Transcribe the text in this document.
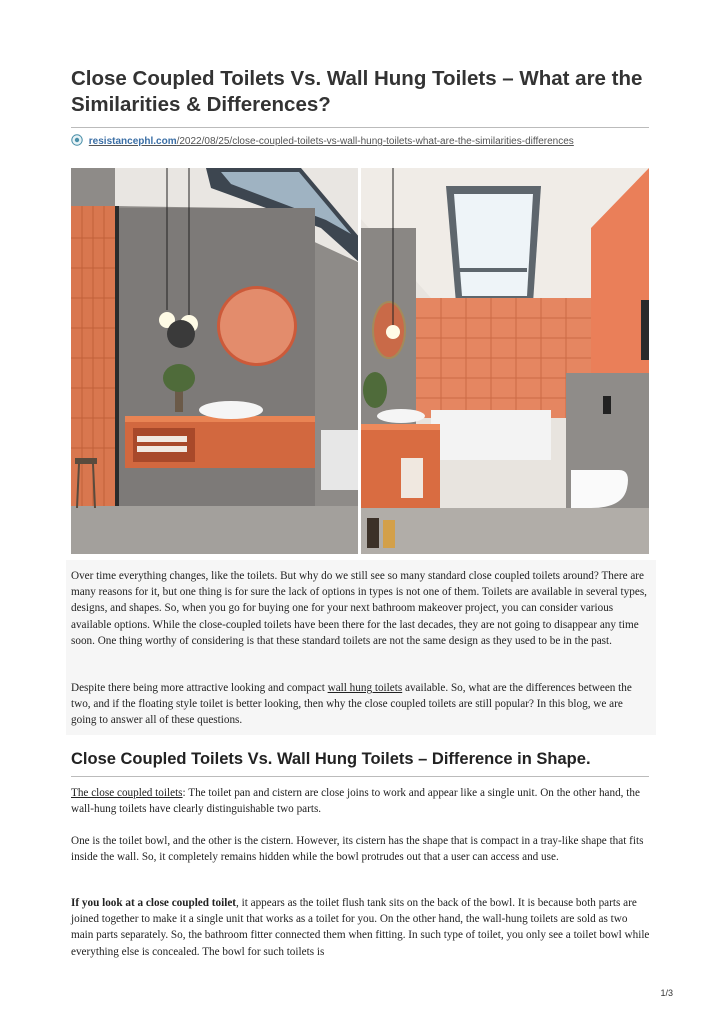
Close Coupled Toilets Vs. Wall Hung Toilets – What are the Similarities & Differences?
resistancephl.com/2022/08/25/close-coupled-toilets-vs-wall-hung-toilets-what-are-the-similarities-differences

Over time everything changes, like the toilets. But why do we still see so many standard close coupled toilets around? There are many reasons for it, but one thing is for sure the lack of options in types is not one of them. Toilets are available in several types, designs, and shapes. So, when you go for buying one for your next bathroom makeover project, you can consider various available options. While the close-coupled toilets have been there for the last decades, they are not going to disappear any time soon. One thing worthy of considering is that these standard toilets are not the same design as they used to be in the past.

Despite there being more attractive looking and compact wall hung toilets available. So, what are the differences between the two, and if the floating style toilet is better looking, then why the close coupled toilets are still popular? In this blog, we are going to answer all of these questions.

Close Coupled Toilets Vs. Wall Hung Toilets – Difference in Shape.

The close coupled toilets: The toilet pan and cistern are close joins to work and appear like a single unit. On the other hand, the wall-hung toilets have clearly distinguishable two parts.

One is the toilet bowl, and the other is the cistern. However, its cistern has the shape that is compact in a tray-like shape that fits inside the wall. So, it completely remains hidden while the bowl protrudes out that a user can access and use.

If you look at a close coupled toilet, it appears as the toilet flush tank sits on the back of the bowl. It is because both parts are joined together to make it a single unit that works as a toilet for you. On the other hand, the wall-hung toilets are sold as two main parts separately. So, the bathroom fitter connected them when fitting. In such type of toilet, you only see a toilet bowl while everything else is concealed. The bowl for such toilets is

1/3
